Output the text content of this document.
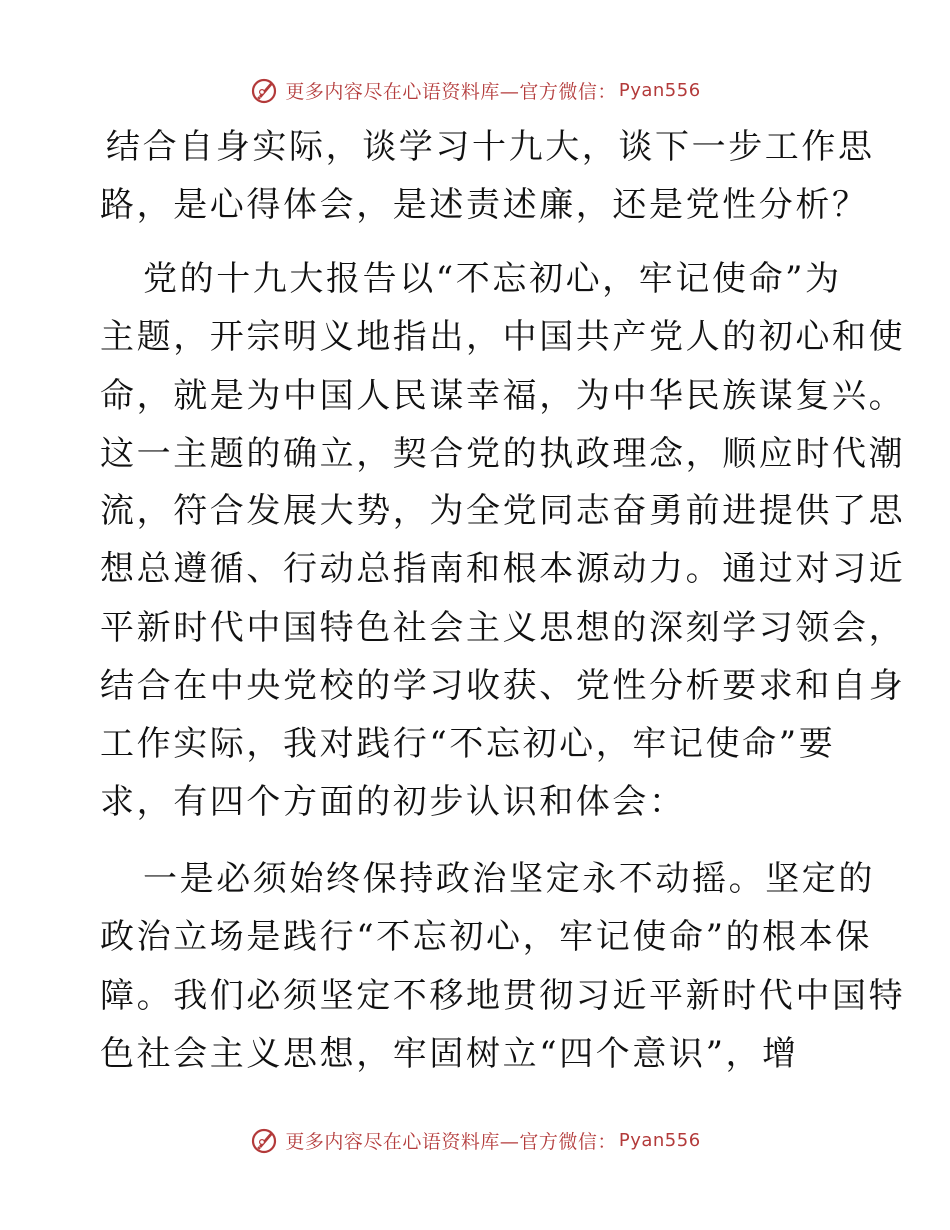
更多内容尽在心语资料库—官方微信： Pyan556
结合自身实际，谈学习十九大，谈下一步工作思
路，是心得体会，是述责述廉，还是党性分析？
党的十九大报告以“不忘初心，牢记使命”为
主题，开宗明义地指出，中国共产党人的初心和使
命，就是为中国人民谋幸福，为中华民族谋复兴。
这一主题的确立，契合党的执政理念，顺应时代潮
流，符合发展大势，为全党同志奋勇前进提供了思
想总遵循、行动总指南和根本源动力。通过对习近
平新时代中国特色社会主义思想的深刻学习领会，
结合在中央党校的学习收获、党性分析要求和自身
工作实际，我对践行“不忘初心，牢记使命”要
求，有四个方面的初步认识和体会：
一是必须始终保持政治坚定永不动摇。坚定的
政治立场是践行“不忘初心，牢记使命”的根本保
障。我们必须坚定不移地贯彻习近平新时代中国特
色社会主义思想，牢固树立“四个意识”，增
更多内容尽在心语资料库—官方微信： Pyan556
